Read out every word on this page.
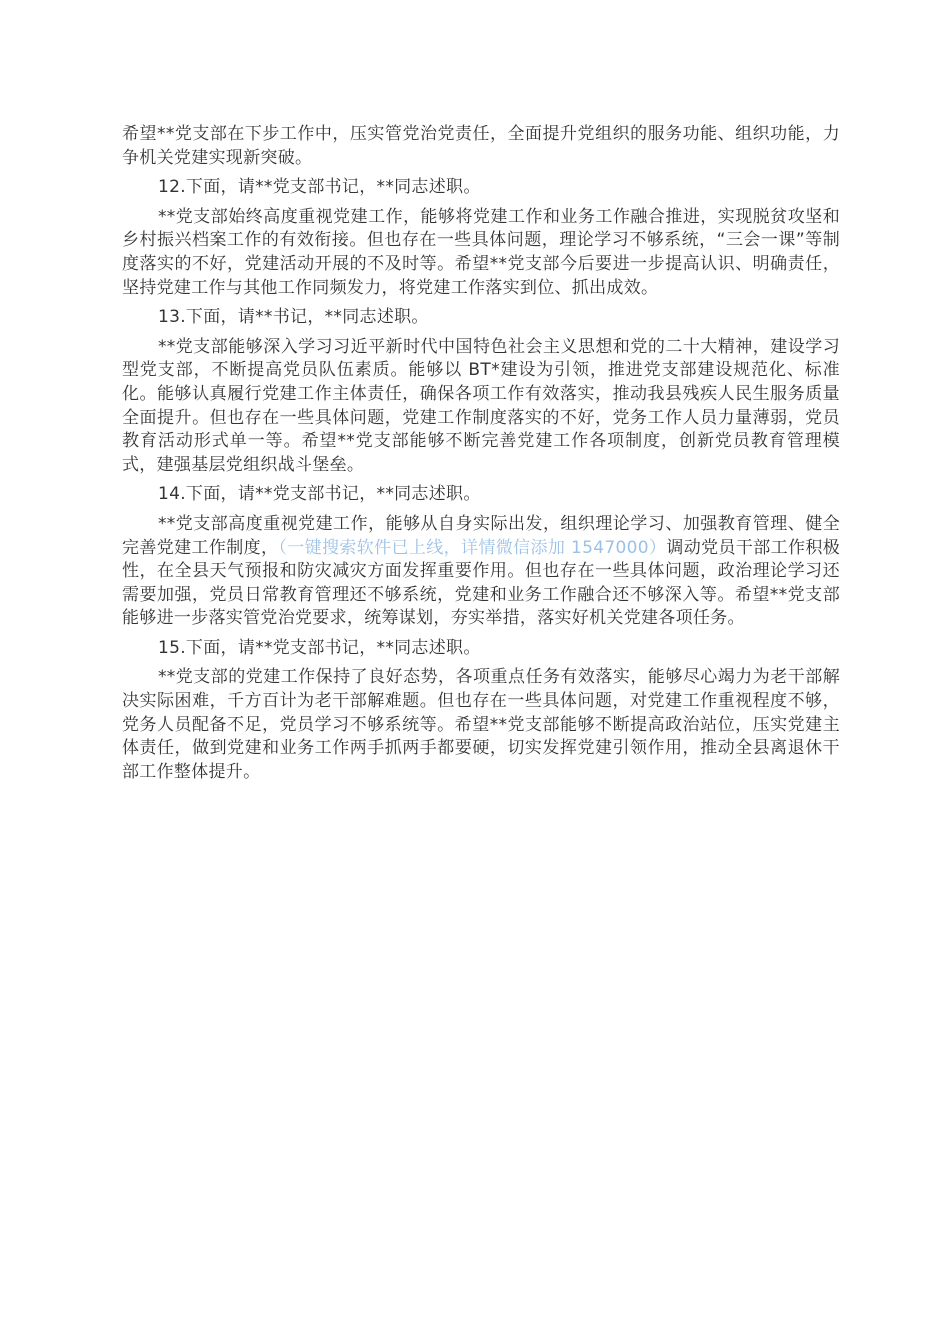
希望**党支部在下步工作中，压实管党治党责任，全面提升党组织的服务功能、组织功能，力争机关党建实现新突破。

12.下面，请**党支部书记，**同志述职。

**党支部始终高度重视党建工作，能够将党建工作和业务工作融合推进，实现脱贫攻坚和乡村振兴档案工作的有效衔接。但也存在一些具体问题，理论学习不够系统，“三会一课”等制度落实的不好，党建活动开展的不及时等。希望**党支部今后要进一步提高认识、明确责任，坚持党建工作与其他工作同频发力，将党建工作落实到位、抓出成效。

13.下面，请**书记，**同志述职。

**党支部能够深入学习习近平新时代中国特色社会主义思想和党的二十大精神，建设学习型党支部，不断提高党员队伍素质。能够以 BT*建设为引领，推进党支部建设规范化、标准化。能够认真履行党建工作主体责任，确保各项工作有效落实，推动我县残疾人民生服务质量全面提升。但也存在一些具体问题，党建工作制度落实的不好，党务工作人员力量薄弱，党员教育活动形式单一等。希望**党支部能够不断完善党建工作各项制度，创新党员教育管理模式，建强基层党组织战斗堡垒。

14.下面，请**党支部书记，**同志述职。

**党支部高度重视党建工作，能够从自身实际出发，组织理论学习、加强教育管理、健全完善党建工作制度，（一键搜索软件已上线，详情微信添加 1547000）调动党员干部工作积极性，在全县天气预报和防灾减灾方面发挥重要作用。但也存在一些具体问题，政治理论学习还需要加强，党员日常教育管理还不够系统，党建和业务工作融合还不够深入等。希望**党支部能够进一步落实管党治党要求，统筹谋划，夯实举措，落实好机关党建各项任务。

15.下面，请**党支部书记，**同志述职。

**党支部的党建工作保持了良好态势，各项重点任务有效落实，能够尽心竭力为老干部解决实际困难，千方百计为老干部解难题。但也存在一些具体问题，对党建工作重视程度不够，党务人员配备不足，党员学习不够系统等。希望**党支部能够不断提高政治站位，压实党建主体责任，做到党建和业务工作两手抓两手都要硬，切实发挥党建引领作用，推动全县离退休干部工作整体提升。
